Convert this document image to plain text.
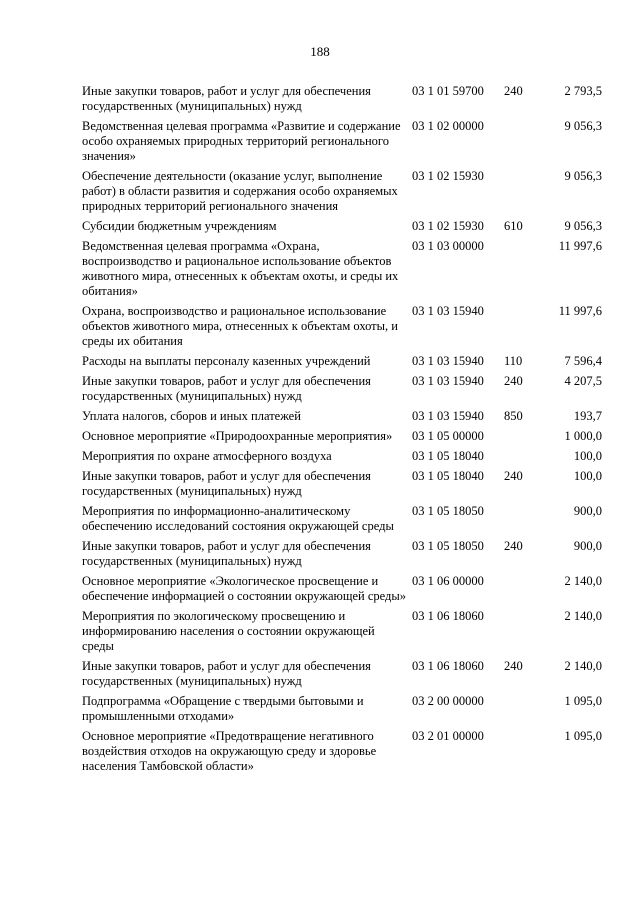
188
Иные закупки товаров, работ и услуг для обеспечения государственных (муниципальных) нужд	03 1 01 59700	240	2 793,5
Ведомственная целевая программа «Развитие и содержание особо охраняемых природных территорий регионального значения»	03 1 02 00000		9 056,3
Обеспечение деятельности (оказание услуг, выполнение работ) в области развития и содержания особо охраняемых природных территорий регионального значения	03 1 02 15930		9 056,3
Субсидии бюджетным учреждениям	03 1 02 15930	610	9 056,3
Ведомственная целевая программа «Охрана, воспроизводство и рациональное использование объектов животного мира, отнесенных к объектам охоты, и среды их обитания»	03 1 03 00000		11 997,6
Охрана, воспроизводство и рациональное использование объектов животного мира, отнесенных к объектам охоты, и среды их обитания	03 1 03 15940		11 997,6
Расходы на выплаты персоналу казенных учреждений	03 1 03 15940	110	7 596,4
Иные закупки товаров, работ и услуг для обеспечения государственных (муниципальных) нужд	03 1 03 15940	240	4 207,5
Уплата налогов, сборов и иных платежей	03 1 03 15940	850	193,7
Основное мероприятие «Природоохранные мероприятия»	03 1 05 00000		1 000,0
Мероприятия по охране атмосферного воздуха	03 1 05 18040		100,0
Иные закупки товаров, работ и услуг для обеспечения государственных (муниципальных) нужд	03 1 05 18040	240	100,0
Мероприятия по информационно-аналитическому обеспечению исследований состояния окружающей среды	03 1 05 18050		900,0
Иные закупки товаров, работ и услуг для обеспечения государственных (муниципальных) нужд	03 1 05 18050	240	900,0
Основное мероприятие «Экологическое просвещение и обеспечение информацией о состоянии окружающей среды»	03 1 06 00000		2 140,0
Мероприятия по экологическому просвещению и информированию населения о состоянии окружающей среды	03 1 06 18060		2 140,0
Иные закупки товаров, работ и услуг для обеспечения государственных (муниципальных) нужд	03 1 06 18060	240	2 140,0
Подпрограмма «Обращение с твердыми бытовыми и промышленными отходами»	03 2 00 00000		1 095,0
Основное мероприятие «Предотвращение негативного воздействия отходов на окружающую среду и здоровье населения Тамбовской области»	03 2 01 00000		1 095,0
